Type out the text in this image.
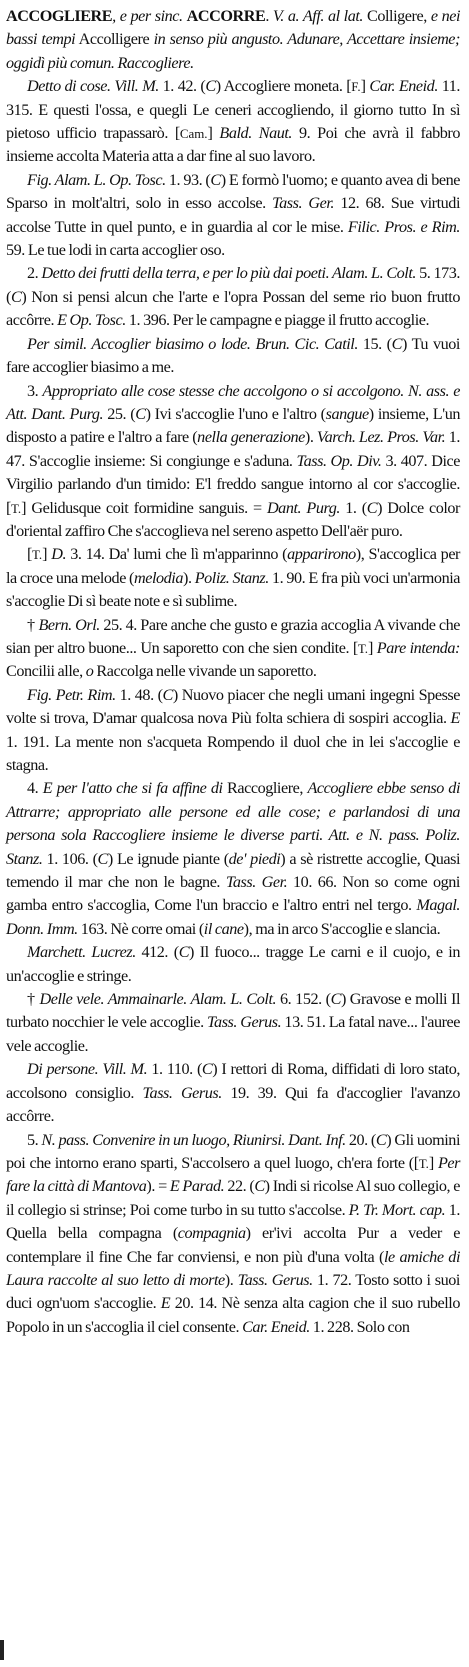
ACCOGLIERE, e per sinc. ACCORRE. V. a. Aff. al lat. Colligere, e nei bassi tempi Accolligere in senso più angusto. Adunare, Accettare insieme; oggidì più comun. Raccogliere.

Detto di cose. Vill. M. 1. 42. (C) Accogliere moneta. [F.] Car. Eneid. 11. 315. E questi l'ossa, e quegli Le ceneri accogliendo, il giorno tutto In sì pietoso ufficio trapassarò. [Cam.] Bald. Naut. 9. Poi che avrà il fabbro insieme accolta Materia atta a dar fine al suo lavoro.

Fig. Alam. L. Op. Tosc. 1. 93. (C) E formò l'uomo; e quanto avea di bene Sparso in molt'altri, solo in esso accolse. Tass. Ger. 12. 68. Sue virtudi accolse Tutte in quel punto, e in guardia al cor le mise. Filic. Pros. e Rim. 59. Le tue lodi in carta accoglier oso.

2. Detto dei frutti della terra, e per lo più dai poeti. Alam. L. Colt. 5. 173. (C) Non si pensi alcun che l'arte e l'opra Possan del seme rio buon frutto accôrre. E Op. Tosc. 1. 396. Per le campagne e piagge il frutto accoglie.

Per simil. Accoglier biasimo o lode. Brun. Cic. Catil. 15. (C) Tu vuoi fare accoglier biasimo a me.

3. Appropriato alle cose stesse che accolgono o si accolgono. N. ass. e Att. Dant. Purg. 25. (C) Ivi s'accoglie l'uno e l'altro (sangue) insieme, L'un disposto a patire e l'altro a fare (nella generazione). Varch. Lez. Pros. Var. 1. 47. S'accoglie insieme: Si congiunge e s'aduna. Tass. Op. Div. 3. 407. Dice Virgilio parlando d'un timido: E'l freddo sangue intorno al cor s'accoglie. [T.] Gelidusque coit formidine sanguis. = Dant. Purg. 1. (C) Dolce color d'oriental zaffiro Che s'accoglieva nel sereno aspetto Dell'aër puro.

[T.] D. 3. 14. Da' lumi che lì m'apparinno (apparirono), S'accoglica per la croce una melode (melodia). Poliz. Stanz. 1. 90. E fra più voci un'armonia s'accoglie Di sì beate note e sì sublime.

† Bern. Orl. 25. 4. Pare anche che gusto e grazia accoglia A vivande che sian per altro buone... Un saporetto con che sien condite. [T.] Pare intenda: Concilii alle, o Raccolga nelle vivande un saporetto.

Fig. Petr. Rim. 1. 48. (C) Nuovo piacer che negli umani ingegni Spesse volte si trova, D'amar qualcosa nova Più folta schiera di sospiri accoglia. E 1. 191. La mente non s'acqueta Rompendo il duol che in lei s'accoglie e stagna.

4. E per l'atto che si fa affine di Raccogliere, Accogliere ebbe senso di Attrarre; appropriato alle persone ed alle cose; e parlandosi di una persona sola Raccogliere insieme le diverse parti. Att. e N. pass. Poliz. Stanz. 1. 106. (C) Le ignude piante (de' piedi) a sè ristrette accoglie, Quasi temendo il mar che non le bagne. Tass. Ger. 10. 66. Non so come ogni gamba entro s'accoglia, Come l'un braccio e l'altro entri nel tergo. Magal. Donn. Imm. 163. Nè corre omai (il cane), ma in arco S'accoglie e slancia.

Marchett. Lucrez. 412. (C) Il fuoco... tragge Le carni e il cuojo, e in un'accoglie e stringe.

† Delle vele. Ammainarle. Alam. L. Colt. 6. 152. (C) Gravose e molli Il turbato nocchier le vele accoglie. Tass. Gerus. 13. 51. La fatal nave... l'auree vele accoglie.

Di persone. Vill. M. 1. 110. (C) I rettori di Roma, diffidati di loro stato, accolsono consiglio. Tass. Gerus. 19. 39. Qui fa d'accoglier l'avanzo accôrre.

5. N. pass. Convenire in un luogo, Riunirsi. Dant. Inf. 20. (C) Gli uomini poi che intorno erano sparti, S'accolsero a quel luogo, ch'era forte ([T.] Per fare la città di Mantova). = E Parad. 22. (C) Indi si ricolse Al suo collegio, e il collegio si strinse; Poi come turbo in su tutto s'accolse. P. Tr. Mort. cap. 1. Quella bella compagna (compagnia) er'ivi accolta Pur a veder e contemplare il fine Che far conviensi, e non più d'una volta (le amiche di Laura raccolte al suo letto di morte). Tass. Gerus. 1. 72. Tosto sotto i suoi duci ogn'uom s'accoglie. E 20. 14. Nè senza alta cagion che il suo rubello Popolo in un s'accoglia il ciel consente. Car. Eneid. 1. 228. Solo con
